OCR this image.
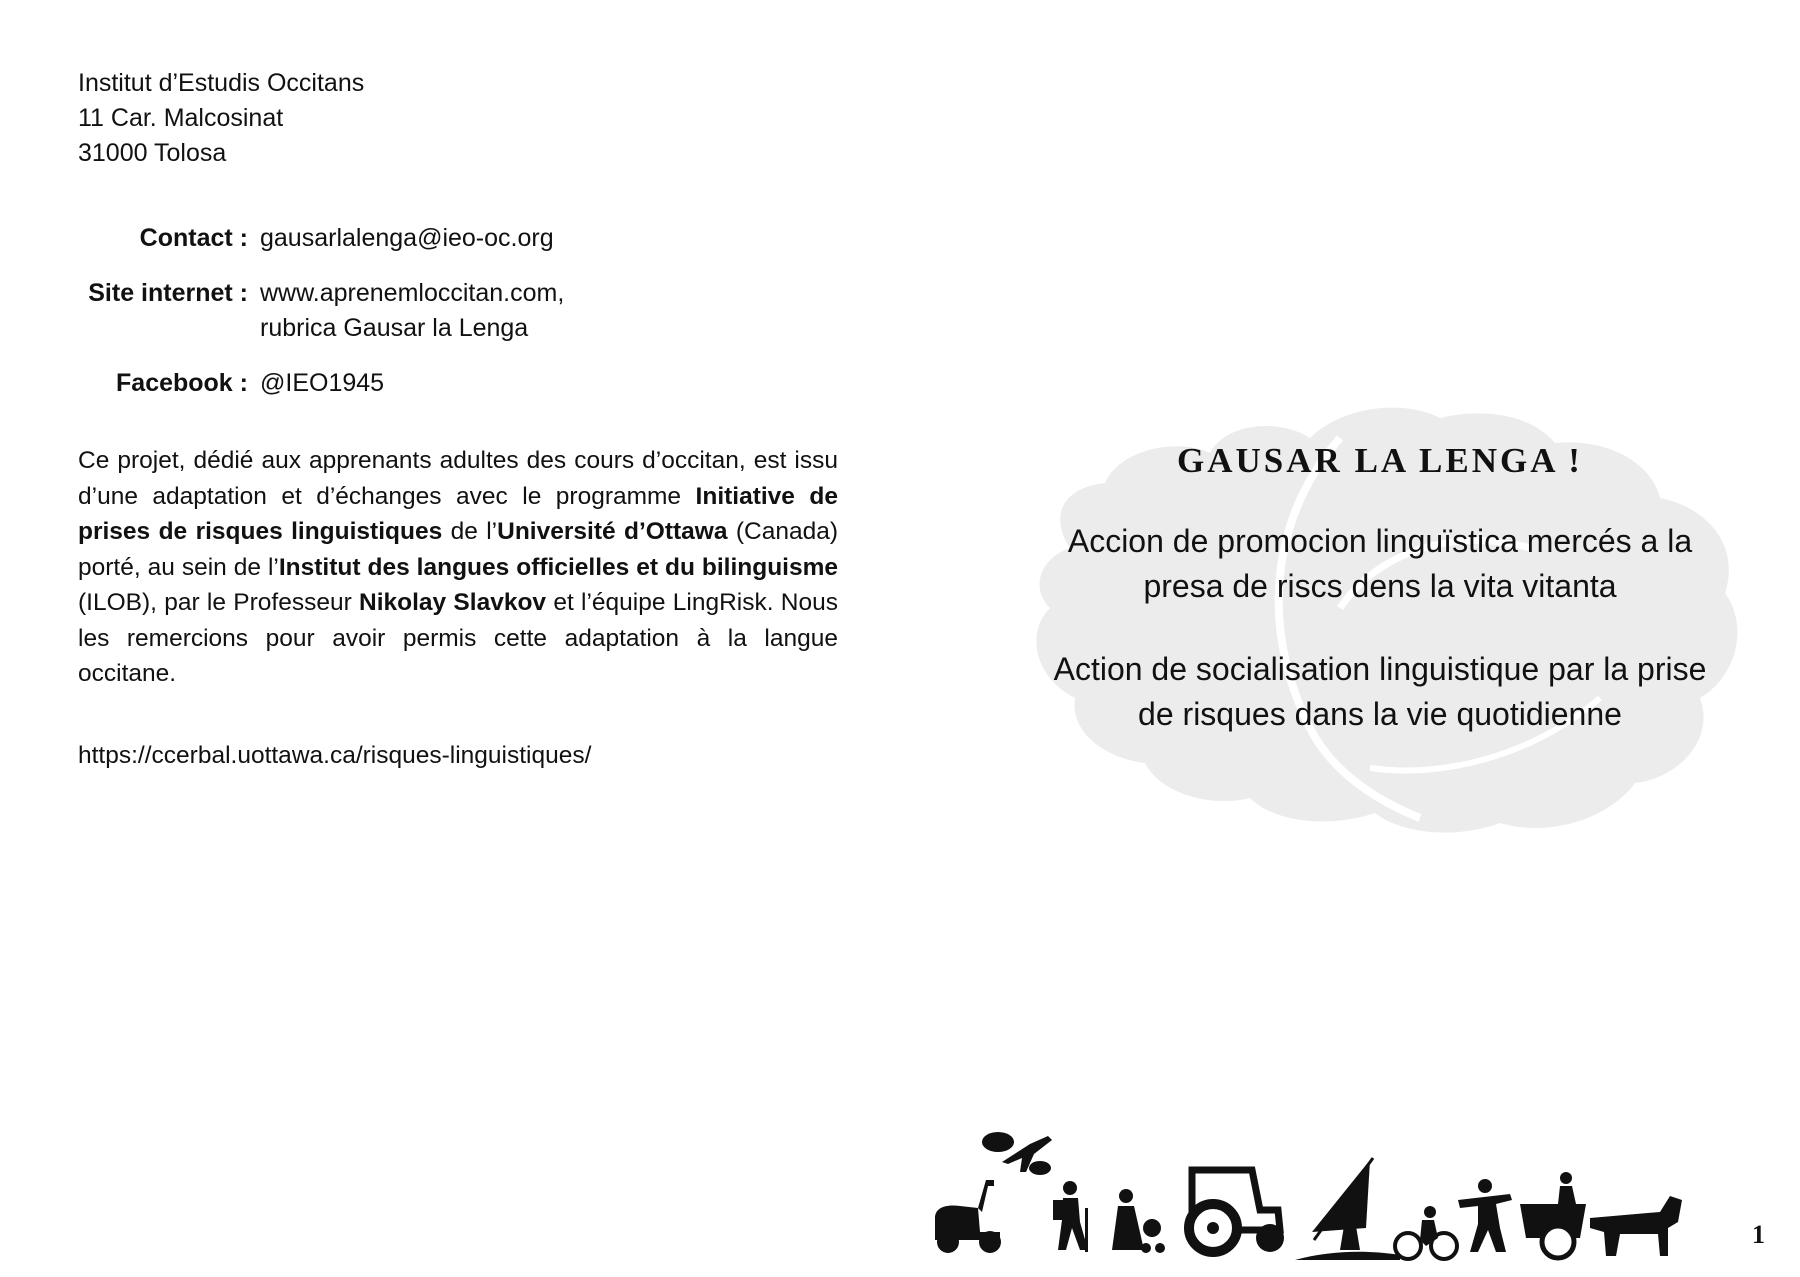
Institut d’Estudis Occitans
11 Car. Malcosinat
31000 Tolosa
Contact : gausarlalenga@ieo-oc.org
Site internet : www.aprenemloccitan.com,
rubrica Gausar la Lenga
Facebook : @IEO1945
Ce projet, dédié aux apprenants adultes des cours d’occitan, est issu d’une adaptation et d’échanges avec le programme Initiative de prises de risques linguistiques de l’Université d’Ottawa (Canada) porté, au sein de l’Institut des langues officielles et du bilinguisme (ILOB), par le Professeur Nikolay Slavkov et l’équipe LingRisk. Nous les remercions pour avoir permis cette adaptation à la langue occitane.
https://ccerbal.uottawa.ca/risques-linguistiques/
GAUSAR LA LENGA !
Accion de promocion linguïstica mercés a la
presa de riscs dens la vita vitanta
Action de socialisation linguistique par la prise
de risques dans la vie quotidienne
1
